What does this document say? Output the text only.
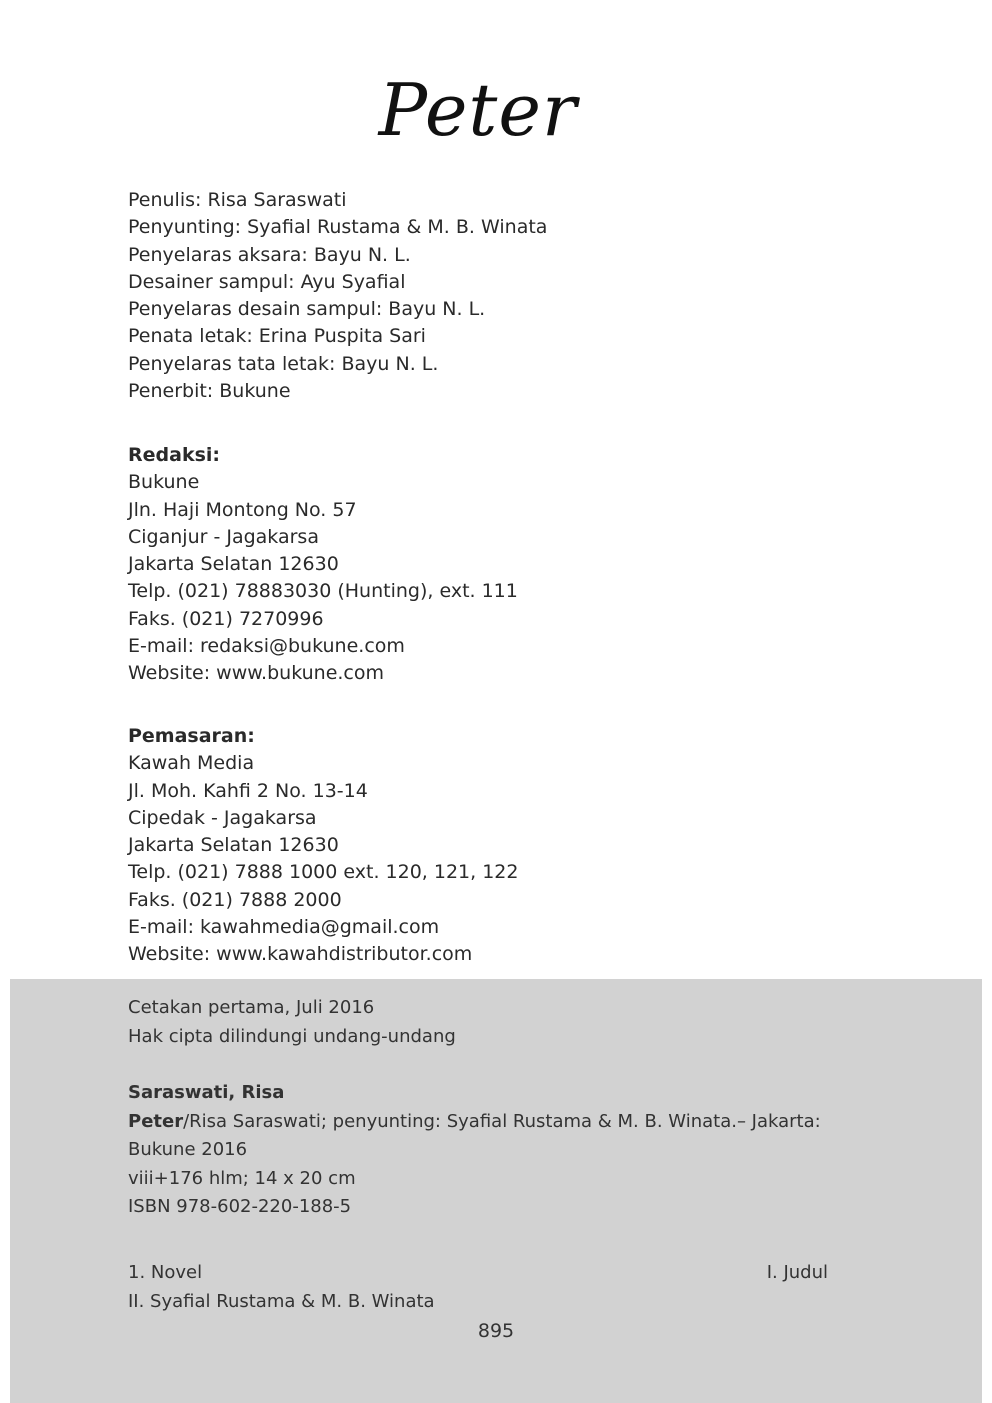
Peter
Penulis: Risa Saraswati
Penyunting: Syafial Rustama & M. B. Winata
Penyelaras aksara: Bayu N. L.
Desainer sampul: Ayu Syafial
Penyelaras desain sampul: Bayu N. L.
Penata letak: Erina Puspita Sari
Penyelaras tata letak: Bayu N. L.
Penerbit: Bukune
Redaksi:
Bukune
Jln. Haji Montong No. 57
Ciganjur - Jagakarsa
Jakarta Selatan 12630
Telp. (021) 78883030 (Hunting), ext. 111
Faks. (021) 7270996
E-mail: redaksi@bukune.com
Website: www.bukune.com
Pemasaran:
Kawah Media
Jl. Moh. Kahfi 2 No. 13-14
Cipedak - Jagakarsa
Jakarta Selatan 12630
Telp. (021) 7888 1000 ext. 120, 121, 122
Faks. (021) 7888 2000
E-mail: kawahmedia@gmail.com
Website: www.kawahdistributor.com
Cetakan pertama, Juli 2016
Hak cipta dilindungi undang-undang
Saraswati, Risa
Peter/Risa Saraswati; penyunting: Syafial Rustama & M. B. Winata.– Jakarta:
Bukune 2016
viii+176 hlm; 14 x 20 cm
ISBN 978-602-220-188-5
1. Novel	I. Judul
II. Syafial Rustama & M. B. Winata
895
